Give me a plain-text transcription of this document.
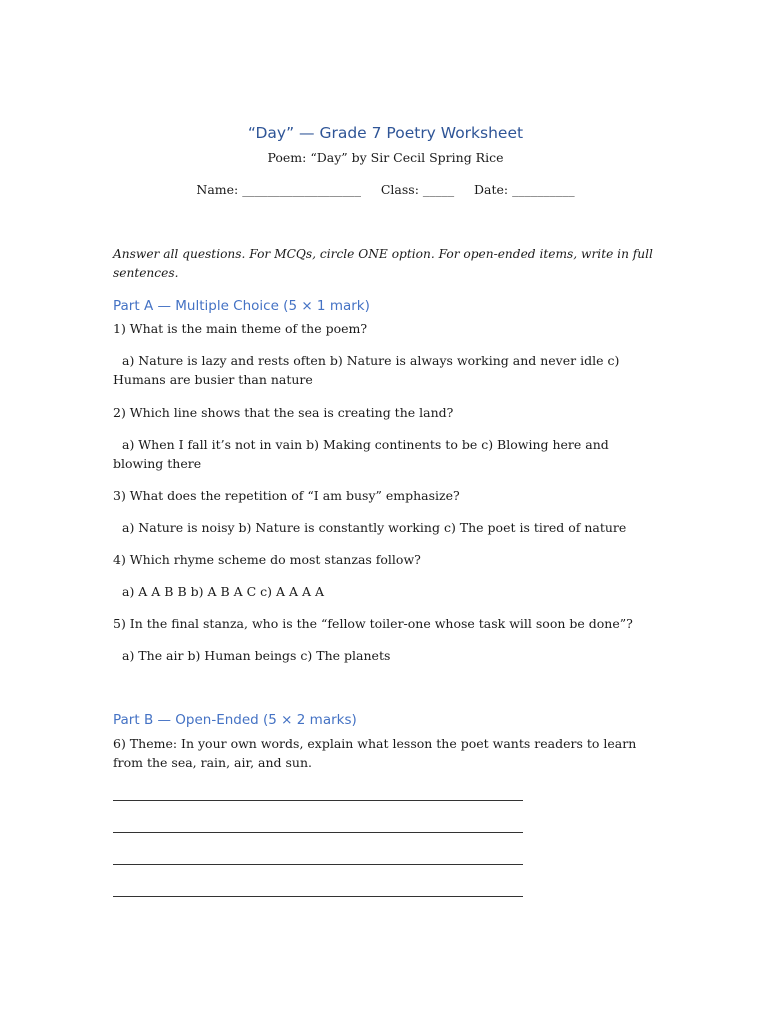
“Day” — Grade 7 Poetry Worksheet

Poem: “Day” by Sir Cecil Spring Rice

Name: ___________________     Class: _____     Date: __________

Answer all questions. For MCQs, circle ONE option. For open-ended items, write in full sentences.

Part A — Multiple Choice (5 × 1 mark)

1) What is the main theme of the poem?

a) Nature is lazy and rests often b) Nature is always working and never idle c) Humans are busier than nature

2) Which line shows that the sea is creating the land?

a) When I fall it’s not in vain b) Making continents to be c) Blowing here and blowing there

3) What does the repetition of “I am busy” emphasize?

a) Nature is noisy b) Nature is constantly working c) The poet is tired of nature

4) Which rhyme scheme do most stanzas follow?

a) A A B B b) A B A C c) A A A A

5) In the final stanza, who is the “fellow toiler-one whose task will soon be done”?

a) The air b) Human beings c) The planets

Part B — Open-Ended (5 × 2 marks)

6) Theme: In your own words, explain what lesson the poet wants readers to learn from the sea, rain, air, and sun.
